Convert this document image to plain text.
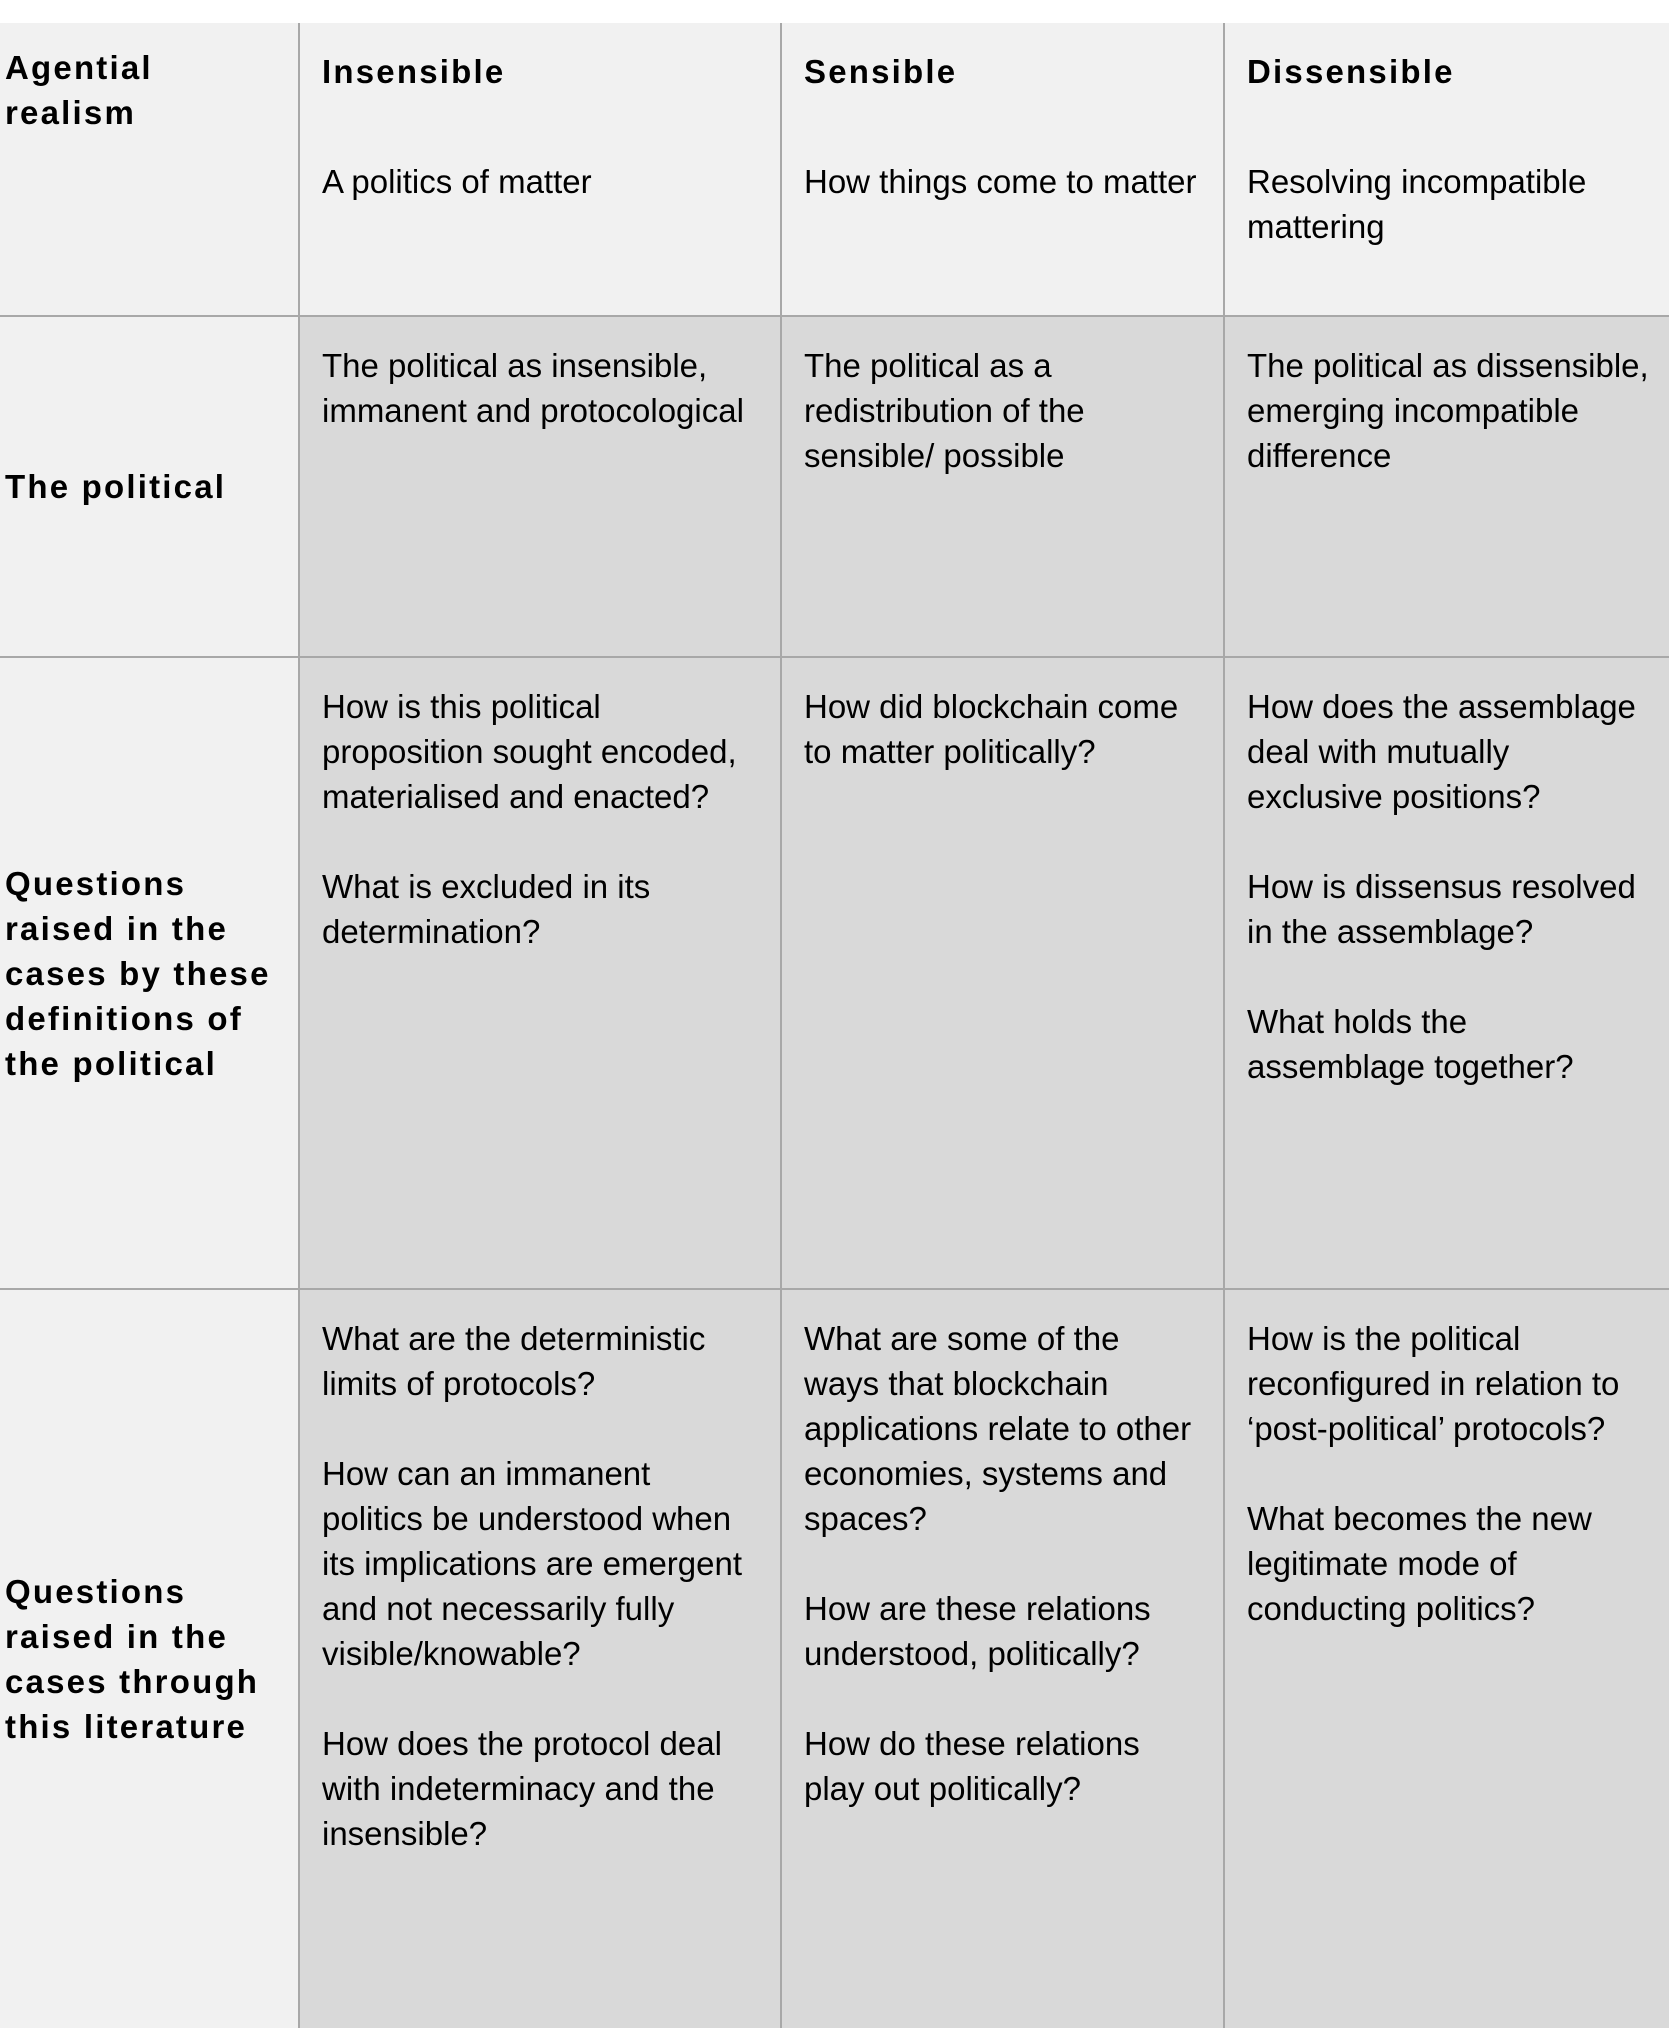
Agential realism
Insensible
A politics of matter
Sensible
How things come to matter
Dissensible
Resolving incompatible mattering
The political

The political as insensible, immanent and protocological

The political as a redistribution of the sensible/ possible

The political as dissensible, emerging incompatible difference

Questions raised in the cases by these definitions of the political

How is this political proposition sought encoded, materialised and enacted?

What is excluded in its determination?

How did blockchain come to matter politically?

How does the assemblage deal with mutually exclusive positions?

How is dissensus resolved in the assemblage?

What holds the assemblage together?

Questions raised in the cases through this literature

What are the deterministic limits of protocols?

How can an immanent politics be understood when its implications are emergent and not necessarily fully visible/knowable?

How does the protocol deal with indeterminacy and the insensible?

What are some of the ways that blockchain applications relate to other economies, systems and spaces?

How are these relations understood, politically?

How do these relations play out politically?

How is the political reconfigured in relation to ‘post-political’ protocols?

What becomes the new legitimate mode of conducting politics?
